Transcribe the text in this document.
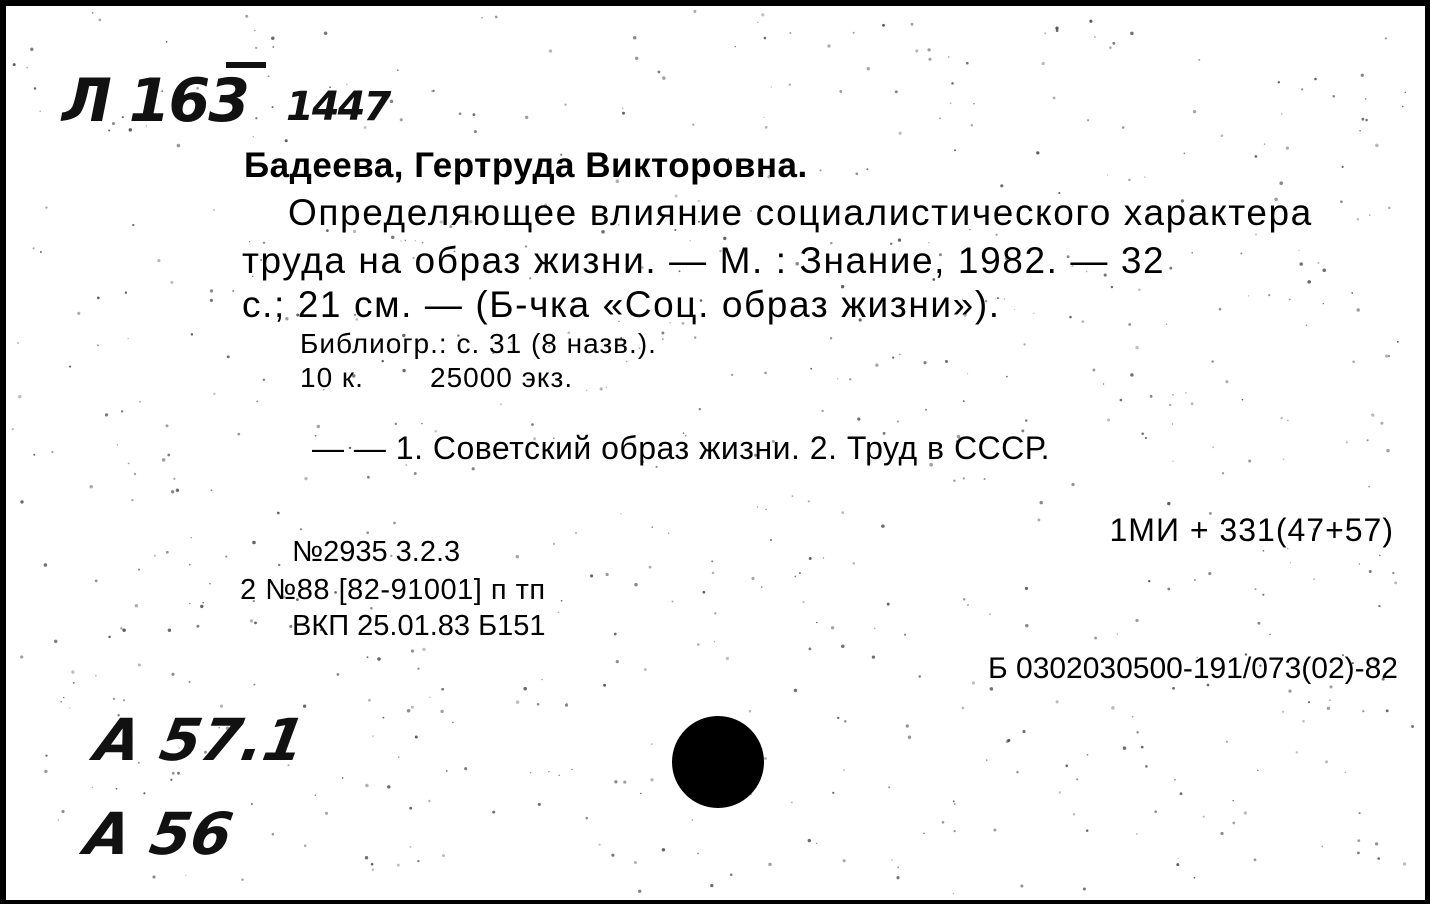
Л 163 1447
Бадеева, Гертруда Викторовна.
Определяющее влияние социалистического характера
труда на образ жизни. — М. : Знание, 1982. — 32
с.; 21 см. — (Б-чка «Соц. образ жизни»).
Библиогр.: с. 31 (8 назв.).
10 к. 25000 экз.
— — 1. Советский образ жизни. 2. Труд в СССР.
1МИ + 331(47+57)
№2935 3.2.3
2 №88 [82-91001] п тп
ВКП 25.01.83 Б151
Б 0302030500-191/073(02)-82
А 57.1
А 56
